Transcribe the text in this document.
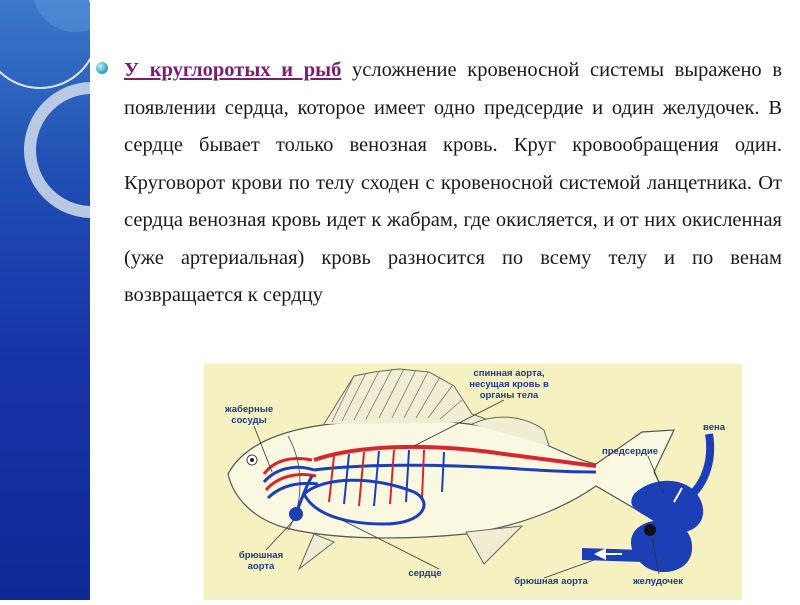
У круглоротых и рыб усложнение кровеносной системы выражено в появлении сердца, которое имеет одно предсердие и один желудочек. В сердце бывает только венозная кровь. Круг кровообращения один. Круговорот крови по телу сходен с кровеносной системой ланцетника. От сердца венозная кровь идет к жабрам, где окисляется, и от них окисленная (уже артериальная) кровь разносится по всему телу и по венам возвращается к сердцу
жаберные сосуды
спинная аорта, несущая кровь в органы тела
вена
предсердие
брюшная аорта
сердце
брюшная аорта	желудочек
